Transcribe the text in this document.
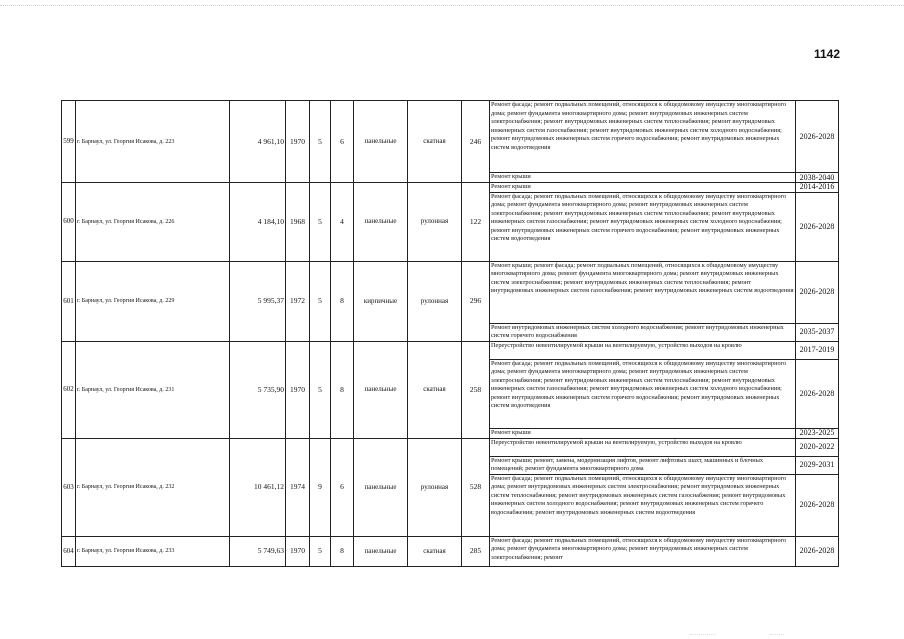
1142
599	г. Барнаул, ул. Георгия Исакова, д. 223	4 961,10	1970	5	6	панельные	скатная	246	Ремонт фасада; ремонт подвальных помещений, относящихся к общедомовому имуществу многоквартирного дома; ремонт фундамента многоквартирного дома; ремонт внутридомовых инженерных систем электроснабжения; ремонт внутридомовых инженерных систем теплоснабжения; ремонт внутридомовых инженерных систем газоснабжения; ремонт внутридомовых инженерных систем холодного водоснабжения; ремонт внутридомовых инженерных систем горячего водоснабжения; ремонт внутридомовых инженерных систем водоотведения	2026-2028
									Ремонт крыши	2038-2040
600	г. Барнаул, ул. Георгия Исакова, д. 226	4 184,10	1968	5	4	панельные	рулонная	122	Ремонт крыши	2014-2016
									Ремонт фасада; ремонт подвальных помещений, относящихся к общедомовому имуществу многоквартирного дома; ремонт фундамента многоквартирного дома; ремонт внутридомовых инженерных систем электроснабжения; ремонт внутридомовых инженерных систем теплоснабжения; ремонт внутридомовых инженерных систем газоснабжения; ремонт внутридомовых инженерных систем холодного водоснабжения; ремонт внутридомовых инженерных систем горячего водоснабжения; ремонт внутридомовых инженерных систем водоотведения	2026-2028
601	г. Барнаул, ул. Георгия Исакова, д. 229	5 995,37	1972	5	8	кирпичные	рулонная	296	Ремонт крыши; ремонт фасада; ремонт подвальных помещений, относящихся к общедомовому имуществу многоквартирного дома; ремонт фундамента многоквартирного дома; ремонт внутридомовых инженерных систем электроснабжения; ремонт внутридомовых инженерных систем теплоснабжения; ремонт внутридомовых инженерных систем газоснабжения; ремонт внутридомовых инженерных систем водоотведения	2026-2028
									Ремонт внутридомовых инженерных систем холодного водоснабжения; ремонт внутридомовых инженерных систем горячего водоснабжения	2035-2037
602	г. Барнаул, ул. Георгия Исакова, д. 231	5 735,90	1970	5	8	панельные	скатная	258	Переустройство невентилируемой крыши на вентилируемую, устройство выходов на кровлю	2017-2019
									Ремонт фасада; ремонт подвальных помещений, относящихся к общедомовому имуществу многоквартирного дома; ремонт фундамента многоквартирного дома; ремонт внутридомовых инженерных систем электроснабжения; ремонт внутридомовых инженерных систем теплоснабжения; ремонт внутридомовых инженерных систем газоснабжения; ремонт внутридомовых инженерных систем холодного водоснабжения; ремонт внутридомовых инженерных систем горячего водоснабжения; ремонт внутридомовых инженерных систем водоотведения	2026-2028
									Ремонт крыши	2023-2025
603	г. Барнаул, ул. Георгия Исакова, д. 232	10 461,12	1974	9	6	панельные	рулонная	528	Переустройство невентилируемой крыши на вентилируемую, устройство выходов на кровлю	2020-2022
									Ремонт крыши; ремонт, замена, модернизация лифтов, ремонт лифтовых шахт, машинных и блочных помещений; ремонт фундамента многоквартирного дома	2029-2031
									Ремонт фасада; ремонт подвальных помещений, относящихся к общедомовому имуществу многоквартирного дома; ремонт внутридомовых инженерных систем электроснабжения; ремонт внутридомовых инженерных систем теплоснабжения; ремонт внутридомовых инженерных систем газоснабжения; ремонт внутридомовых инженерных систем холодного водоснабжения; ремонт внутридомовых инженерных систем горячего водоснабжения; ремонт внутридомовых инженерных систем водоотведения	2026-2028
604	г. Барнаул, ул. Георгия Исакова, д. 233	5 749,63	1970	5	8	панельные	скатная	285	Ремонт фасада; ремонт подвальных помещений, относящихся к общедомовому имуществу многоквартирного дома; ремонт фундамента многоквартирного дома; ремонт внутридомовых инженерных систем электроснабжения; ремонт	2026-2028
